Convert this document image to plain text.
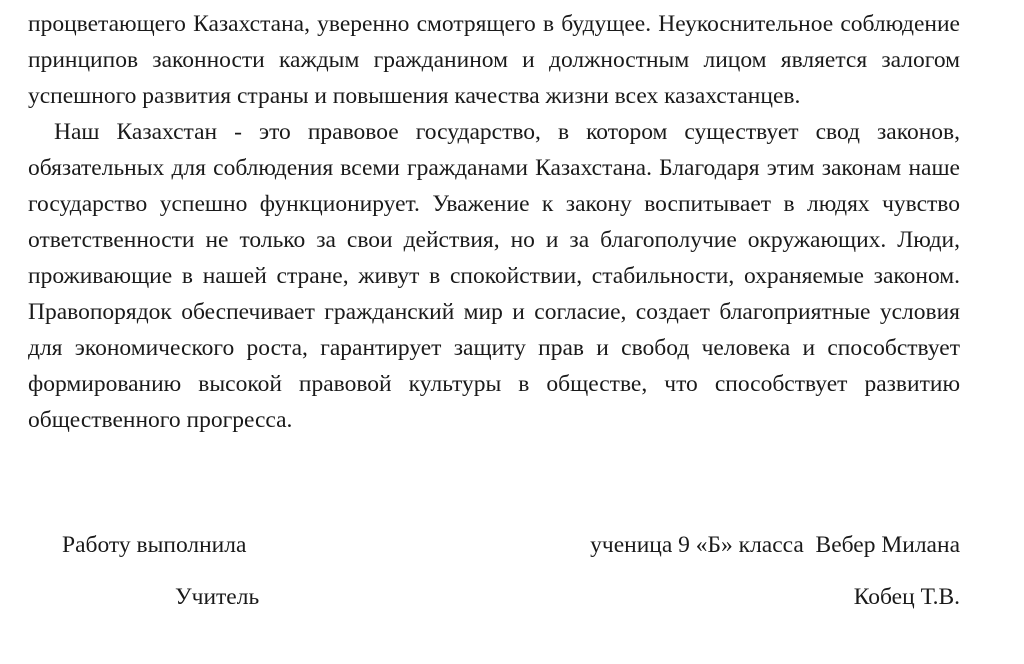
процветающего Казахстана, уверенно смотрящего в будущее. Неукоснительное соблюдение принципов законности каждым гражданином и должностным лицом является залогом успешного развития страны и повышения качества жизни всех казахстанцев.

Наш Казахстан - это правовое государство, в котором существует свод законов, обязательных для соблюдения всеми гражданами Казахстана. Благодаря этим законам наше государство успешно функционирует. Уважение к закону воспитывает в людях чувство ответственности не только за свои действия, но и за благополучие окружающих. Люди, проживающие в нашей стране, живут в спокойствии, стабильности, охраняемые законом. Правопорядок обеспечивает гражданский мир и согласие, создает благоприятные условия для экономического роста, гарантирует защиту прав и свобод человека и способствует формированию высокой правовой культуры в обществе, что способствует развитию общественного прогресса.

Работу выполнила	ученица 9 «Б» класса  Вебер Милана
Учитель	Кобец Т.В.
